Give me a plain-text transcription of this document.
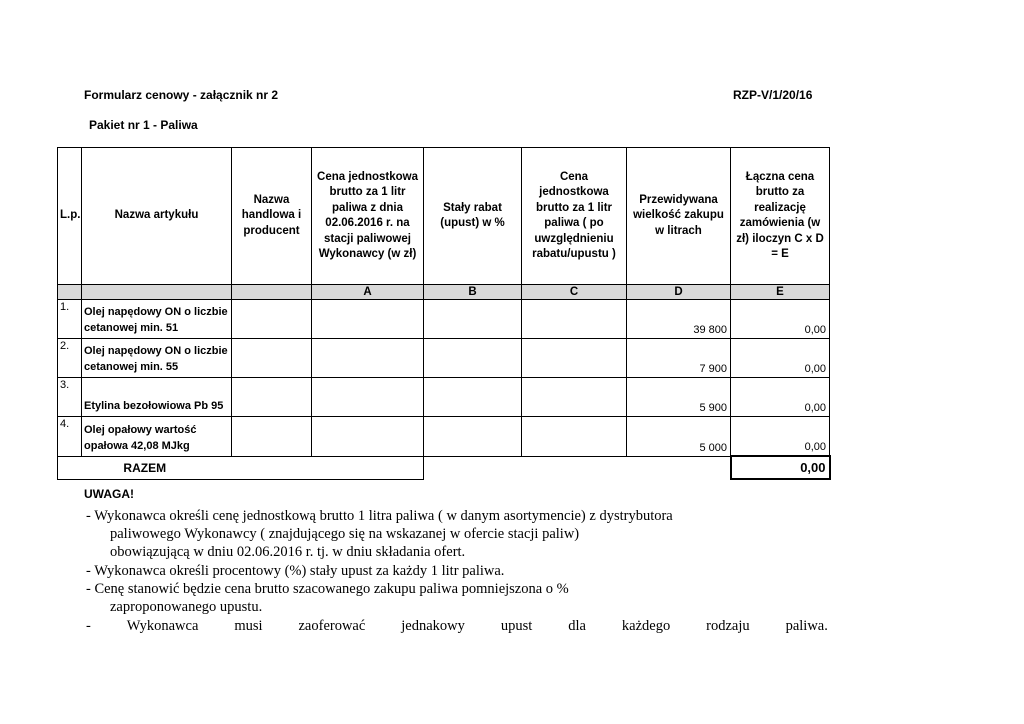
Formularz cenowy - załącznik nr 2	RZP-V/1/20/16
Pakiet nr 1 - Paliwa
L.p.	Nazwa artykułu	Nazwa handlowa i producent	Cena jednostkowa brutto za 1 litr paliwa z dnia 02.06.2016 r. na stacji paliwowej Wykonawcy (w zł)	Stały rabat (upust) w %	Cena jednostkowa brutto za 1 litr paliwa ( po uwzględnieniu rabatu/upustu )	Przewidywana wielkość zakupu w litrach	Łączna cena brutto za realizację zamówienia (w zł) iloczyn C x D = E
			A	B	C	D	E
1.	Olej napędowy ON o liczbie cetanowej min. 51					39 800	0,00
2.	Olej napędowy ON o liczbie cetanowej min. 55					7 900	0,00
3.	Etylina bezołowiowa Pb 95					5 900	0,00
4.	Olej opałowy wartość opałowa 42,08 MJkg					5 000	0,00
RAZEM							0,00
UWAGA!
- Wykonawca określi cenę jednostkową brutto 1 litra paliwa ( w danym asortymencie) z dystrybutora
paliwowego Wykonawcy ( znajdującego się na wskazanej w ofercie stacji paliw)
obowiązującą w dniu 02.06.2016 r. tj. w dniu składania ofert.
- Wykonawca określi procentowy (%) stały upust za każdy 1 litr paliwa.
- Cenę stanowić będzie cena brutto szacowanego zakupu paliwa pomniejszona o %
zaproponowanego upustu.
- Wykonawca musi zaoferować jednakowy upust dla każdego rodzaju paliwa.
